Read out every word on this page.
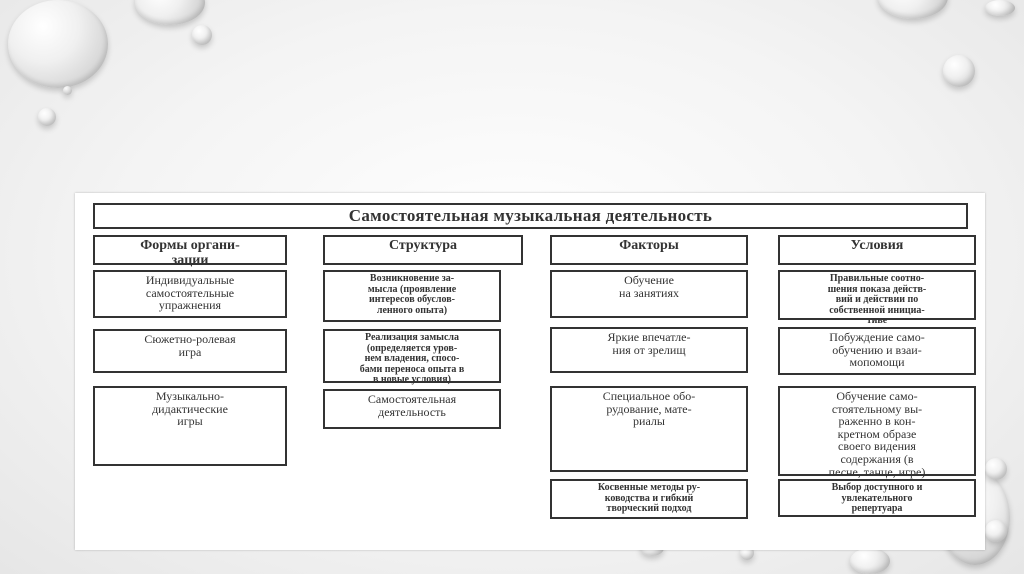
Самостоятельная музыкальная деятельность
Формы органи-
зации
Индивидуальные
самостоятельные
упражнения
Сюжетно-ролевая
игра
Музыкально-
дидактические
игры
Структура
Возникновение за-
мысла (проявление
интересов обуслов-
ленного опыта)
Реализация замысла
(определяется уров-
нем владения, спосо-
бами переноса опыта в
в новые условия)
Самостоятельная
деятельность
Факторы
Обучение
на занятиях
Яркие впечатле-
ния от зрелищ
Специальное обо-
рудование, мате-
риалы
Косвенные методы ру-
ководства и гибкий
творческий подход
Условия
Правильные соотно-
шения показа действ-
вий и действии по
собственной инициа-
тиве
Побуждение само-
обучению и взаи-
мопомощи
Обучение само-
стоятельному вы-
раженно в кон-
кретном образе
своего видения
содержания (в
песне, танце, игре)
Выбор доступного и
увлекательного
репертуара
